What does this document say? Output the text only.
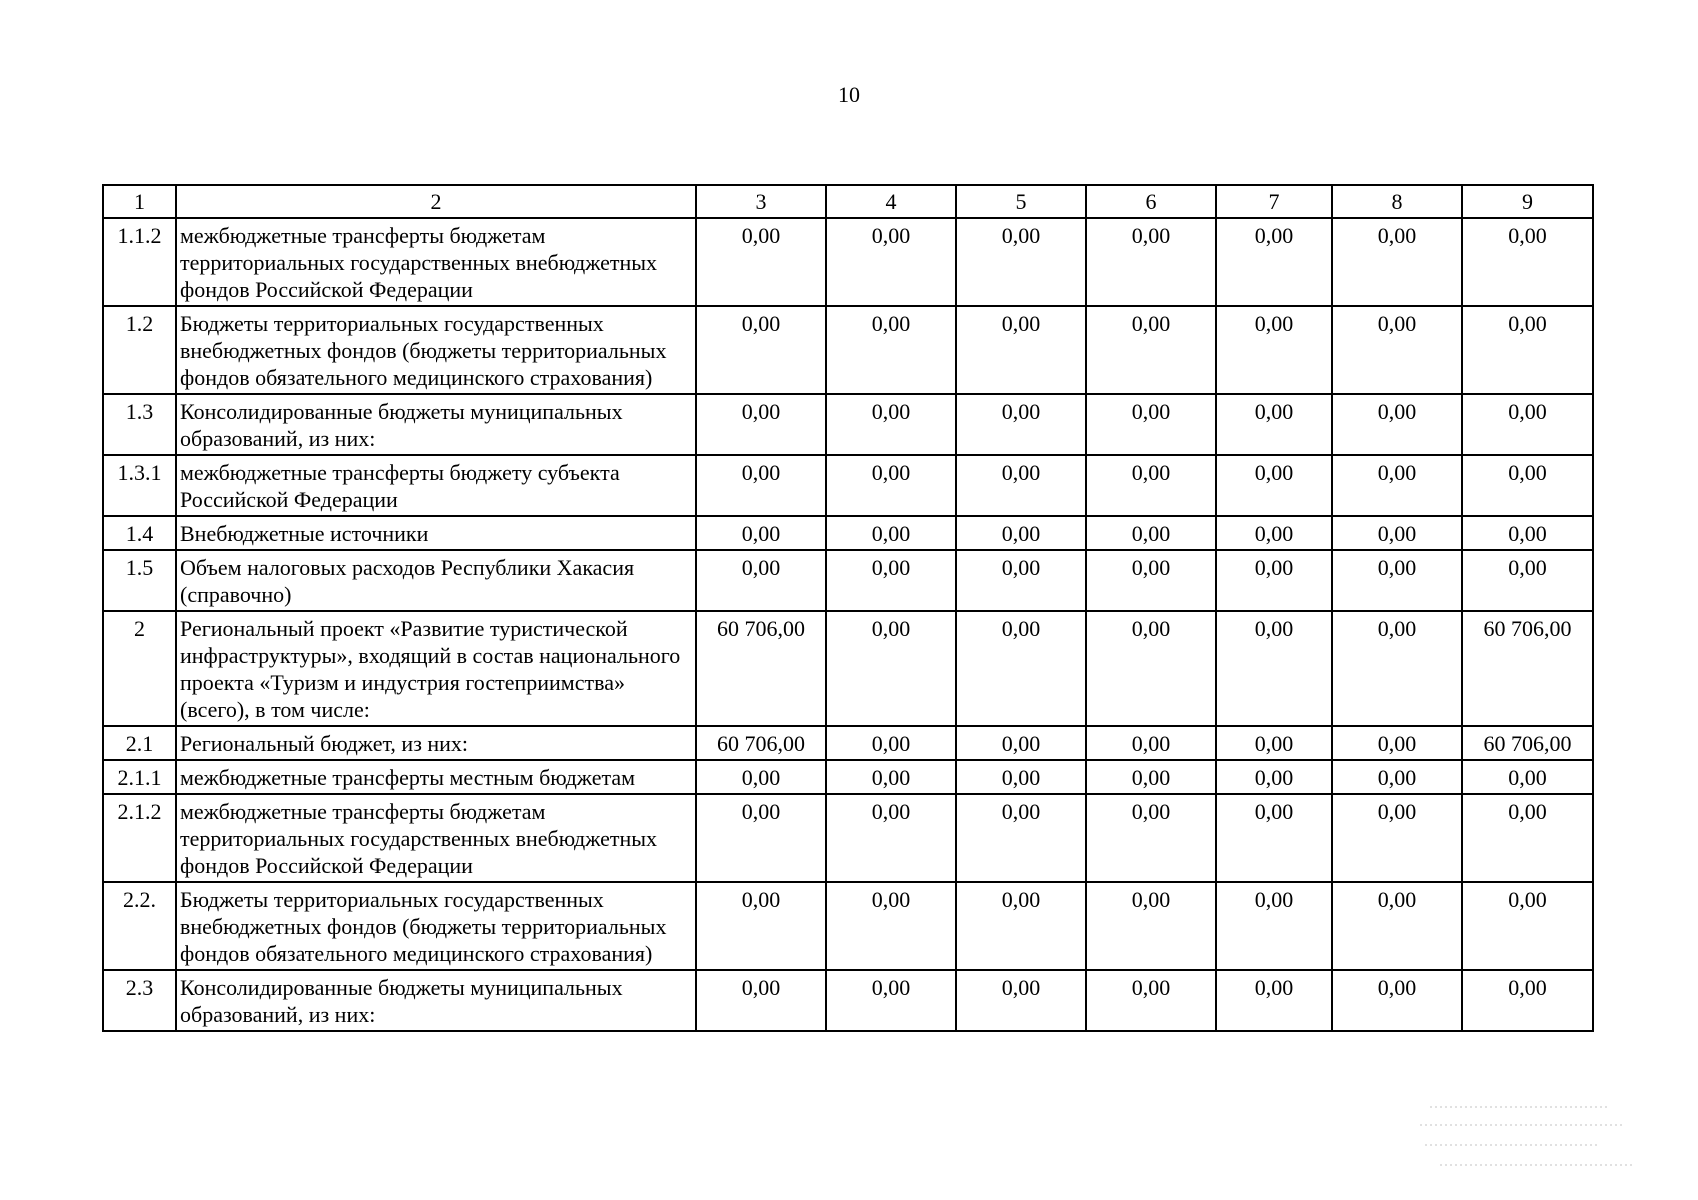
10
1	2	3	4	5	6	7	8	9
1.1.2	межбюджетные трансферты бюджетам территориальных государственных внебюджетных фондов Российской Федерации	0,00	0,00	0,00	0,00	0,00	0,00	0,00
1.2	Бюджеты территориальных государственных внебюджетных фондов (бюджеты территориальных фондов обязательного медицинского страхования)	0,00	0,00	0,00	0,00	0,00	0,00	0,00
1.3	Консолидированные бюджеты муниципальных образований, из них:	0,00	0,00	0,00	0,00	0,00	0,00	0,00
1.3.1	межбюджетные трансферты бюджету субъекта Российской Федерации	0,00	0,00	0,00	0,00	0,00	0,00	0,00
1.4	Внебюджетные источники	0,00	0,00	0,00	0,00	0,00	0,00	0,00
1.5	Объем налоговых расходов Республики Хакасия (справочно)	0,00	0,00	0,00	0,00	0,00	0,00	0,00
2	Региональный проект «Развитие туристической инфраструктуры», входящий в состав национального проекта «Туризм и индустрия гостеприимства» (всего), в том числе:	60 706,00	0,00	0,00	0,00	0,00	0,00	60 706,00
2.1	Региональный бюджет, из них:	60 706,00	0,00	0,00	0,00	0,00	0,00	60 706,00
2.1.1	межбюджетные трансферты местным бюджетам	0,00	0,00	0,00	0,00	0,00	0,00	0,00
2.1.2	межбюджетные трансферты бюджетам территориальных государственных внебюджетных фондов Российской Федерации	0,00	0,00	0,00	0,00	0,00	0,00	0,00
2.2.	Бюджеты территориальных государственных внебюджетных фондов (бюджеты территориальных фондов обязательного медицинского страхования)	0,00	0,00	0,00	0,00	0,00	0,00	0,00
2.3	Консолидированные бюджеты муниципальных образований, из них:	0,00	0,00	0,00	0,00	0,00	0,00	0,00
